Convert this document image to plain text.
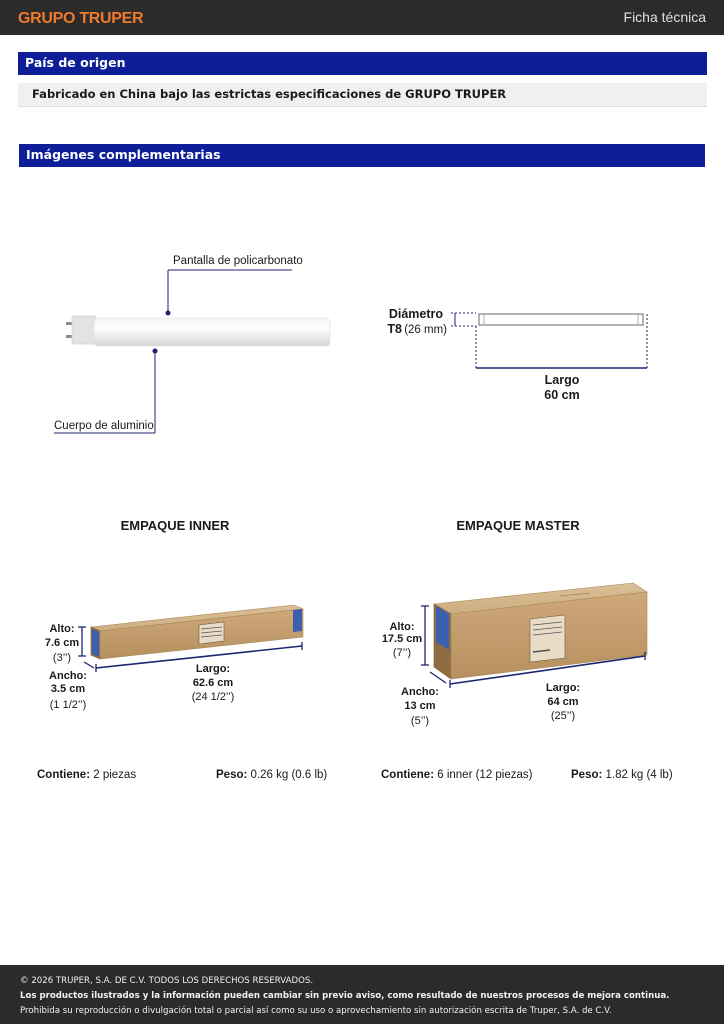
GRUPO TRUPER	Ficha técnica
País de origen
Fabricado en China bajo las estrictas especificaciones de GRUPO TRUPER
Imágenes complementarias
Pantalla de policarbonato
Cuerpo de aluminio
Diámetro
T8 (26 mm)
Largo
60 cm
EMPAQUE INNER	EMPAQUE MASTER
Alto:
7.6 cm
(3’’)
Ancho:
3.5 cm
(1 1/2’’)
Largo:
62.6 cm
(24 1/2’’)
Alto:
17.5 cm
(7’’)
Ancho:
13 cm
(5’’)
Largo:
64 cm
(25’’)
Contiene: 2 piezas	Peso: 0.26 kg (0.6 lb)	Contiene: 6 inner (12 piezas)	Peso: 1.82 kg (4 lb)
© 2026 TRUPER, S.A. DE C.V. TODOS LOS DERECHOS RESERVADOS.
Los productos ilustrados y la información pueden cambiar sin previo aviso, como resultado de nuestros procesos de mejora continua.
Prohibida su reproducción o divulgación total o parcial así como su uso o aprovechamiento sin autorización escrita de Truper, S.A. de C.V.
